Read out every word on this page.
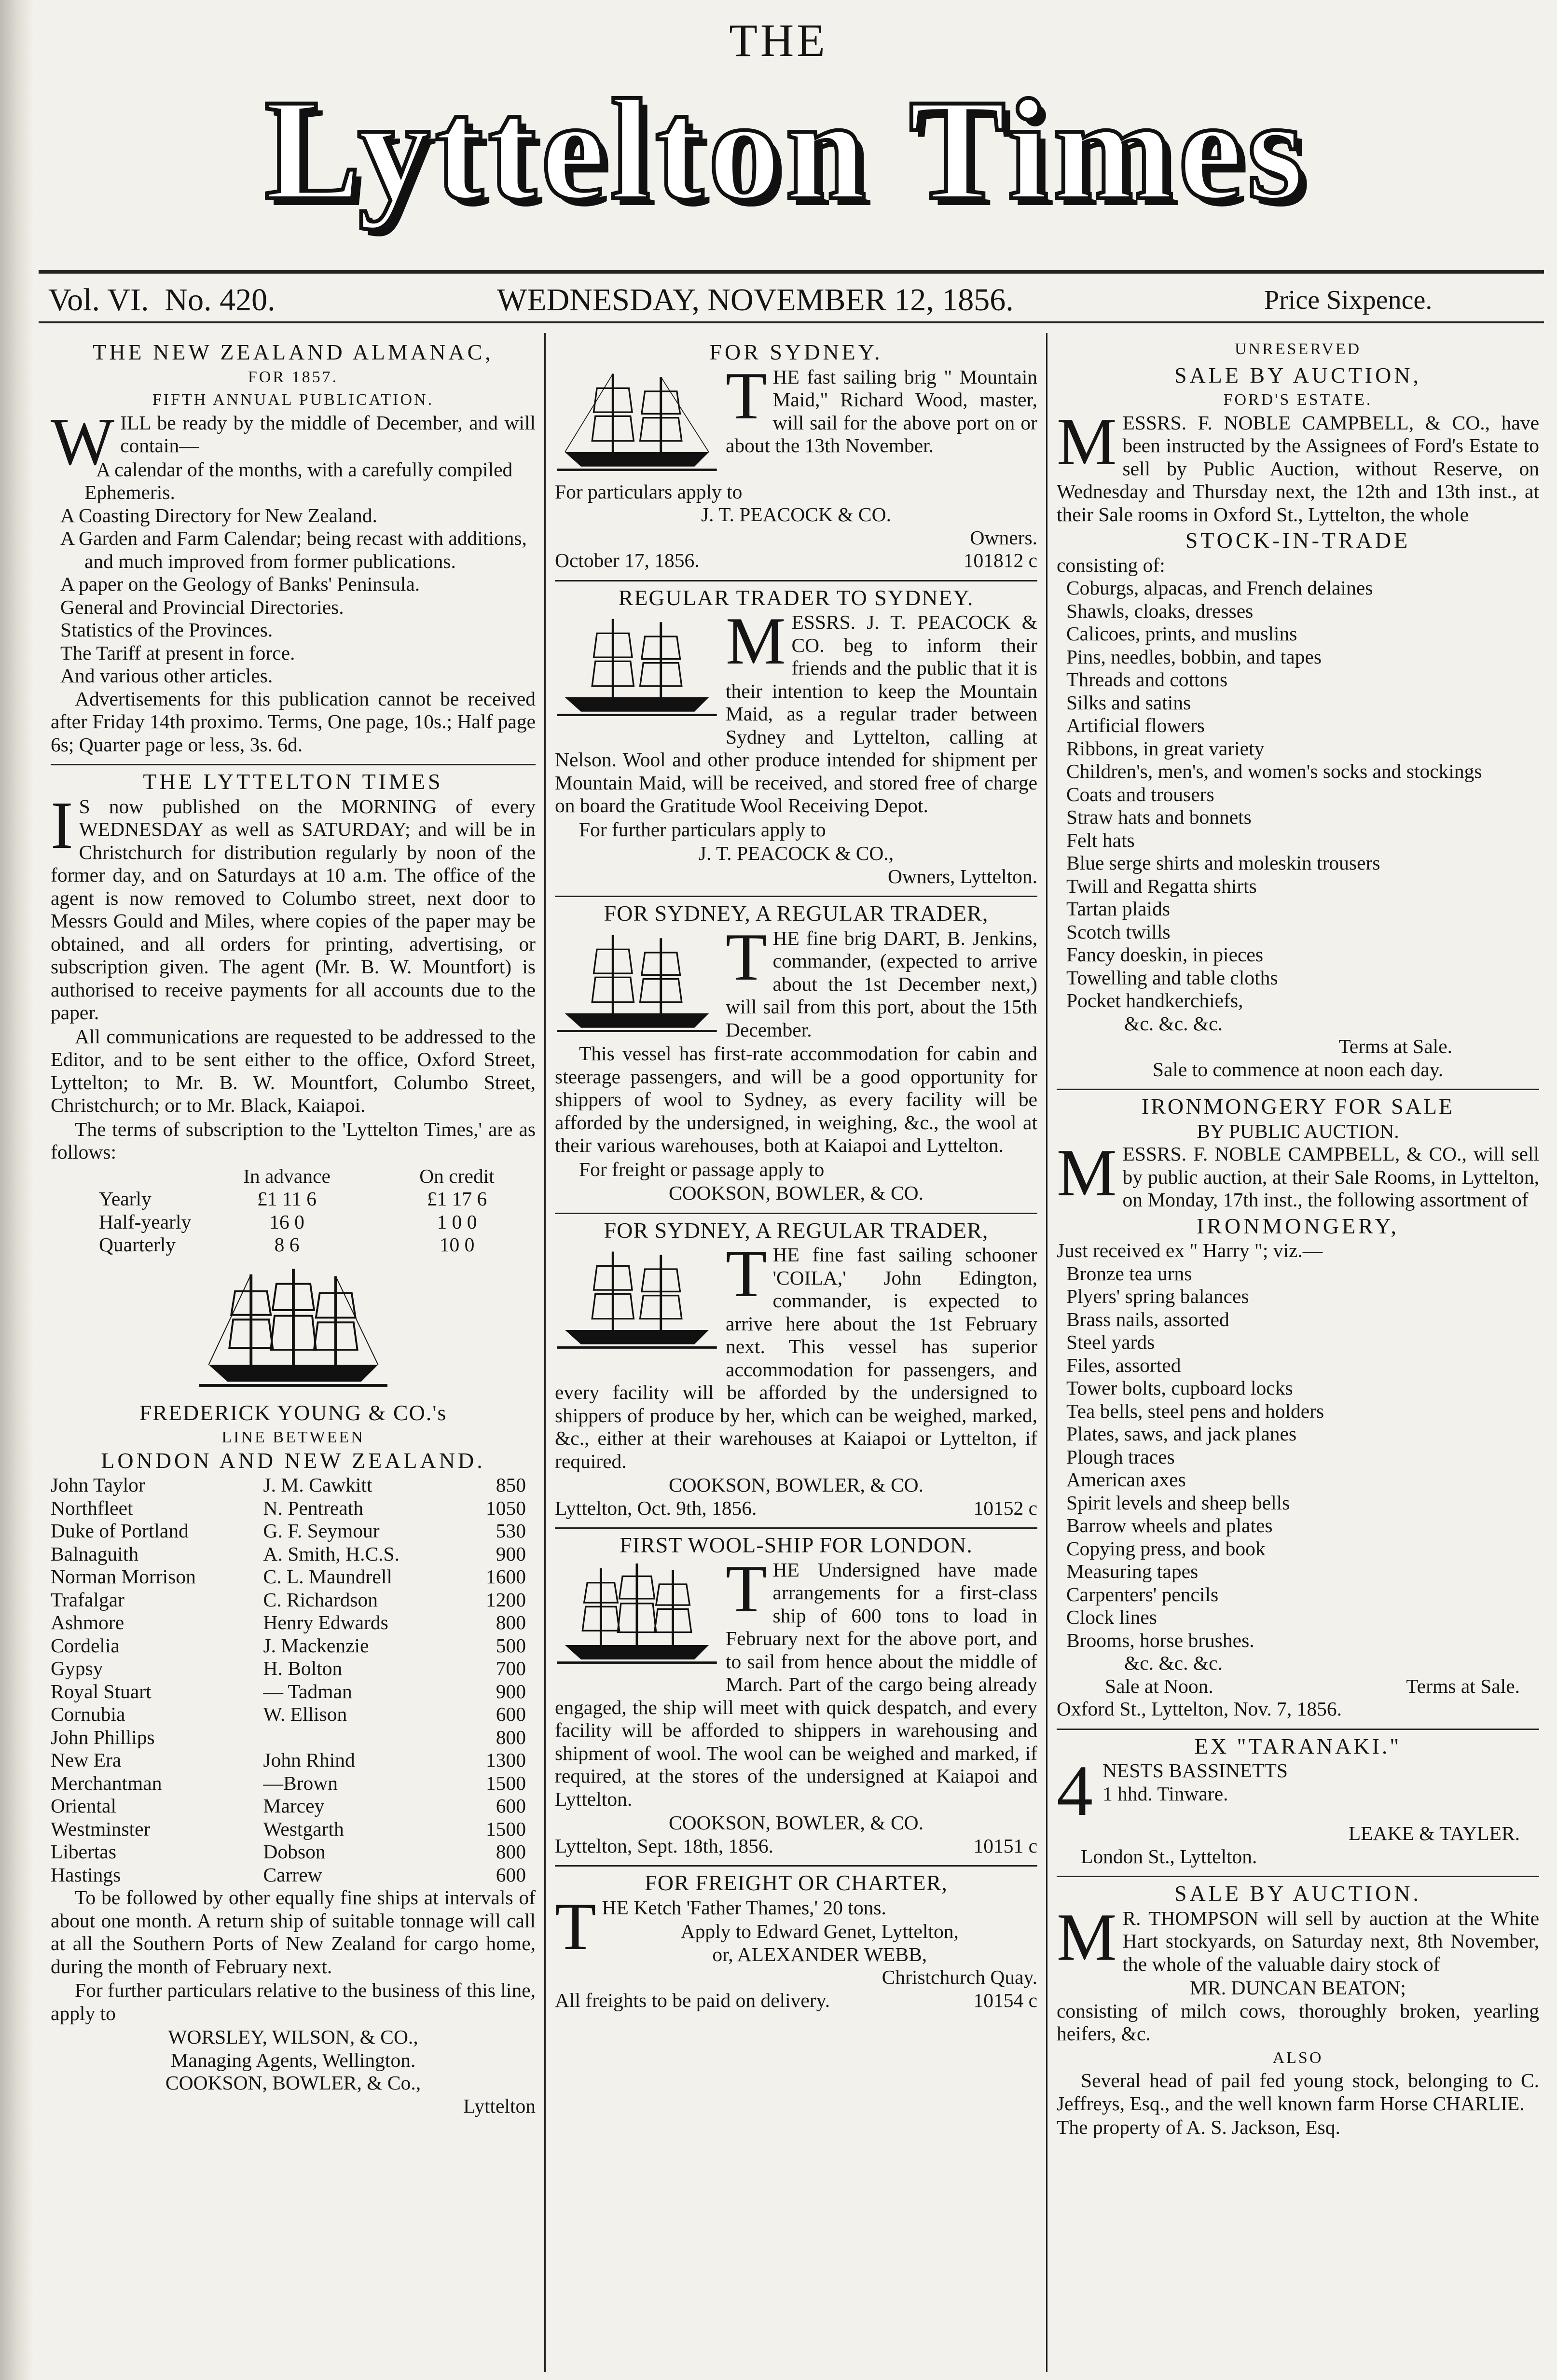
THE
Lyttelton Times
Vol. VI. No. 420.	WEDNESDAY, NOVEMBER 12, 1856.	Price Sixpence.
THE NEW ZEALAND ALMANAC,
FOR 1857.
FIFTH ANNUAL PUBLICATION.

WILL be ready by the middle of December, and will contain—

A calendar of the months, with a carefully compiled Ephemeris.
A Coasting Directory for New Zealand.
A Garden and Farm Calendar; being recast with additions, and much improved from former publications.
A paper on the Geology of Banks' Peninsula.
General and Provincial Directories.
Statistics of the Provinces.
The Tariff at present in force.
And various other articles.

Advertisements for this publication cannot be received after Friday 14th proximo. Terms, One page, 10s.; Half page 6s; Quarter page or less, 3s. 6d.

THE LYTTELTON TIMES

I S now published on the MORNING of every WEDNESDAY as well as SATURDAY; and will be in Christchurch for distribution regularly by noon of the former day, and on Saturdays at 10 a.m. The office of the agent is now removed to Columbo street, next door to Messrs Gould and Miles, where copies of the paper may be obtained, and all orders for printing, advertising, or subscription given. The agent (Mr. B. W. Mountfort) is authorised to receive payments for all accounts due to the paper.

All communications are requested to be addressed to the Editor, and to be sent either to the office, Oxford Street, Lyttelton; to Mr. B. W. Mountfort, Columbo Street, Christchurch; or to Mr. Black, Kaiapoi.

The terms of subscription to the 'Lyttelton Times,' are as follows:

	In advance	On credit
Yearly	£1 11 6	£1 17 6
Half-yearly	16 0	1 0 0
Quarterly	8 6	10 0
FREDERICK YOUNG & CO.'s
LINE BETWEEN
LONDON AND NEW ZEALAND.
John Taylor	J. M. Cawkitt	850
Northfleet	N. Pentreath	1050
Duke of Portland	G. F. Seymour	530
Balnaguith	A. Smith, H.C.S.	900
Norman Morrison	C. L. Maundrell	1600
Trafalgar	C. Richardson	1200
Ashmore	Henry Edwards	800
Cordelia	J. Mackenzie	500
Gypsy	H. Bolton	700
Royal Stuart	— Tadman	900
Cornubia	W. Ellison	600
John Phillips		800
New Era	John Rhind	1300
Merchantman	—Brown	1500
Oriental	Marcey	600
Westminster	Westgarth	1500
Libertas	Dobson	800
Hastings	Carrew	600

To be followed by other equally fine ships at intervals of about one month. A return ship of suitable tonnage will call at all the Southern Ports of New Zealand for cargo home, during the month of February next.

For further particulars relative to the business of this line, apply to

WORSLEY, WILSON, & CO.,
Managing Agents, Wellington.
COOKSON, BOWLER, & Co.,
Lyttelton
FOR SYDNEY.

THE fast sailing brig " Mountain Maid," Richard Wood, master, will sail for the above port on or about the 13th November.

For particulars apply to
J. T. PEACOCK & CO.
Owners.
October 17, 1856.	101812 c
REGULAR TRADER TO SYDNEY.

MESSRS. J. T. PEACOCK & CO. beg to inform their friends and the public that it is their intention to keep the Mountain Maid, as a regular trader between Sydney and Lyttelton, calling at Nelson. Wool and other produce intended for shipment per Mountain Maid, will be received, and stored free of charge on board the Gratitude Wool Receiving Depot.

For further particulars apply to

J. T. PEACOCK & CO.,
Owners, Lyttelton.
FOR SYDNEY, A REGULAR TRADER,

THE fine brig DART, B. Jenkins, commander, (expected to arrive about the 1st December next,) will sail from this port, about the 15th December.

This vessel has first-rate accommodation for cabin and steerage passengers, and will be a good opportunity for shippers of wool to Sydney, as every facility will be afforded by the undersigned, in weighing, &c., the wool at their various warehouses, both at Kaiapoi and Lyttelton.

For freight or passage apply to

COOKSON, BOWLER, & CO.
FOR SYDNEY, A REGULAR TRADER,

THE fine fast sailing schooner 'COILA,' John Edington, commander, is expected to arrive here about the 1st February next. This vessel has superior accommodation for passengers, and every facility will be afforded by the undersigned to shippers of produce by her, which can be weighed, marked, &c., either at their warehouses at Kaiapoi or Lyttelton, if required.

COOKSON, BOWLER, & CO.
Lyttelton, Oct. 9th, 1856.	10152 c
FIRST WOOL-SHIP FOR LONDON.

THE Undersigned have made arrangements for a first-class ship of 600 tons to load in February next for the above port, and to sail from hence about the middle of March. Part of the cargo being already engaged, the ship will meet with quick despatch, and every facility will be afforded to shippers in warehousing and shipment of wool. The wool can be weighed and marked, if required, at the stores of the undersigned at Kaiapoi and Lyttelton.

COOKSON, BOWLER, & CO.
Lyttelton, Sept. 18th, 1856.	10151 c
FOR FREIGHT OR CHARTER,

THE Ketch 'Father Thames,' 20 tons.

Apply to Edward Genet, Lyttelton,
or, ALEXANDER WEBB,
Christchurch Quay.
All freights to be paid on delivery.	10154 c
UNRESERVED
SALE BY AUCTION,
FORD'S ESTATE.

MESSRS. F. NOBLE CAMPBELL, & CO., have been instructed by the Assignees of Ford's Estate to sell by Public Auction, without Reserve, on Wednesday and Thursday next, the 12th and 13th inst., at their Sale rooms in Oxford St., Lyttelton, the whole

STOCK-IN-TRADE
consisting of:
Coburgs, alpacas, and French delaines
Shawls, cloaks, dresses
Calicoes, prints, and muslins
Pins, needles, bobbin, and tapes
Threads and cottons
Silks and satins
Artificial flowers
Ribbons, in great variety
Children's, men's, and women's socks and stockings
Coats and trousers
Straw hats and bonnets
Felt hats
Blue serge shirts and moleskin trousers
Twill and Regatta shirts
Tartan plaids
Scotch twills
Fancy doeskin, in pieces
Towelling and table cloths
Pocket handkerchiefs,
&c. &c. &c.
Terms at Sale.
Sale to commence at noon each day.
IRONMONGERY FOR SALE
BY PUBLIC AUCTION.

MESSRS. F. NOBLE CAMPBELL, & CO., will sell by public auction, at their Sale Rooms, in Lyttelton, on Monday, 17th inst., the following assortment of

IRONMONGERY,
Just received ex " Harry "; viz.—
Bronze tea urns
Plyers' spring balances
Brass nails, assorted
Steel yards
Files, assorted
Tower bolts, cupboard locks
Tea bells, steel pens and holders
Plates, saws, and jack planes
Plough traces
American axes
Spirit levels and sheep bells
Barrow wheels and plates
Copying press, and book
Measuring tapes
Carpenters' pencils
Clock lines
Brooms, horse brushes.
&c. &c. &c.
Sale at Noon.	Terms at Sale.
Oxford St., Lyttelton, Nov. 7, 1856.
EX "TARANAKI."
4 NESTS BASSINETTS
1 hhd. Tinware.
LEAKE & TAYLER.
London St., Lyttelton.
SALE BY AUCTION.

M R. THOMPSON will sell by auction at the White Hart stockyards, on Saturday next, 8th November, the whole of the valuable dairy stock of

MR. DUNCAN BEATON;

consisting of milch cows, thoroughly broken, yearling heifers, &c.

ALSO

Several head of pail fed young stock, belonging to C. Jeffreys, Esq., and the well known farm Horse CHARLIE.

The property of A. S. Jackson, Esq.
